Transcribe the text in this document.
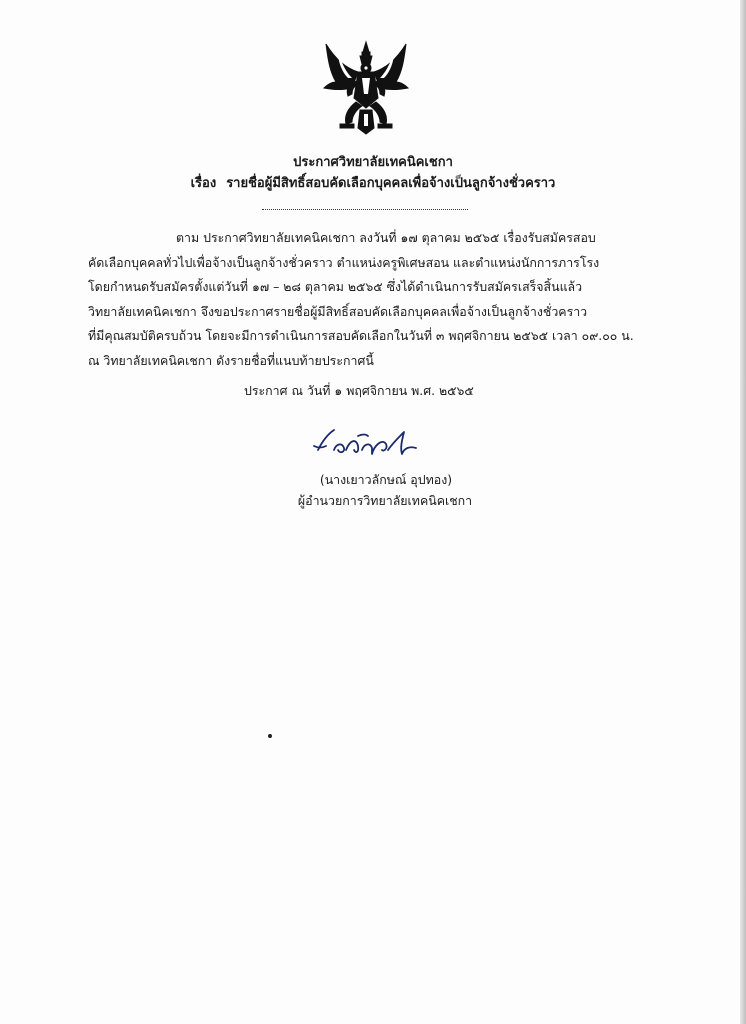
ประกาศวิทยาลัยเทคนิคเชกา
เรื่อง รายชื่อผู้มีสิทธิ์สอบคัดเลือกบุคคลเพื่อจ้างเป็นลูกจ้างชั่วคราว
ตาม ประกาศวิทยาลัยเทคนิคเชกา ลงวันที่ ๑๗ ตุลาคม ๒๕๖๕ เรื่องรับสมัครสอบ
คัดเลือกบุคคลทั่วไปเพื่อจ้างเป็นลูกจ้างชั่วคราว ตำแหน่งครูพิเศษสอน และตำแหน่งนักการภารโรง
โดยกำหนดรับสมัครตั้งแต่วันที่ ๑๗ – ๒๘ ตุลาคม ๒๕๖๕ ซึ่งได้ดำเนินการรับสมัครเสร็จสิ้นแล้ว
วิทยาลัยเทคนิคเชกา จึงขอประกาศรายชื่อผู้มีสิทธิ์สอบคัดเลือกบุคคลเพื่อจ้างเป็นลูกจ้างชั่วคราว
ที่มีคุณสมบัติครบถ้วน โดยจะมีการดำเนินการสอบคัดเลือกในวันที่ ๓ พฤศจิกายน ๒๕๖๕ เวลา ๐๙.๐๐ น.
ณ วิทยาลัยเทคนิคเชกา ดังรายชื่อที่แนบท้ายประกาศนี้
ประกาศ ณ วันที่ ๑ พฤศจิกายน พ.ศ. ๒๕๖๕
(นางเยาวลักษณ์ อุปทอง)
ผู้อำนวยการวิทยาลัยเทคนิคเชกา
